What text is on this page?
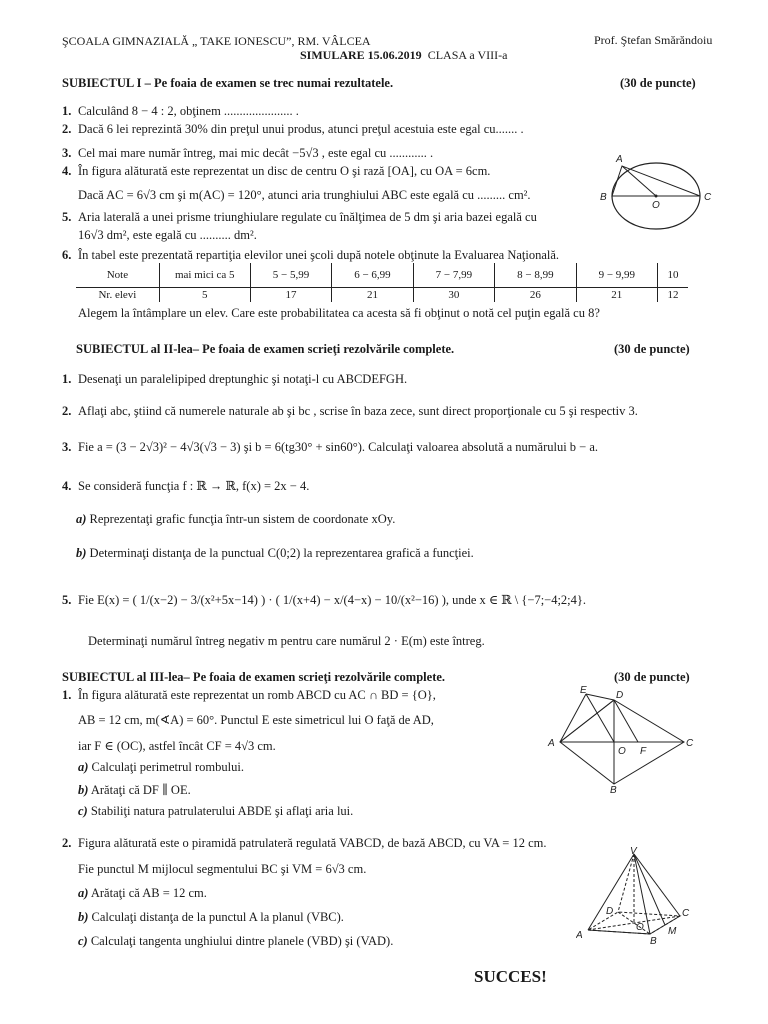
ŞCOALA GIMNAZIALĂ „ TAKE IONESCU”, RM. VÂLCEA	Prof. Ştefan Smărăndoiu
SIMULARE 15.06.2019 CLASA a VIII-a
SUBIECTUL I – Pe foaia de examen se trec numai rezultatele.	(30 de puncte)
1. Calculând 8 − 4 : 2, obţinem ...................... .
2. Dacă 6 lei reprezintă 30% din preţul unui produs, atunci preţul acestuia este egal cu....... .
3. Cel mai mare număr întreg, mai mic decât −5√3 , este egal cu ............ .
4. În figura alăturată este reprezentat un disc de centru O şi rază [OA], cu OA = 6cm.
Dacă AC = 6√3 cm şi m(AC) = 120°, atunci aria trunghiului ABC este egală cu ......... cm².
5. Aria laterală a unei prisme triunghiulare regulate cu înălţimea de 5 dm şi aria bazei egală cu
16√3 dm², este egală cu .......... dm².
6. În tabel este prezentată repartiţia elevilor unei şcoli după notele obţinute la Evaluarea Naţională.
Note	mai mici ca 5	5 − 5,99	6 − 6,99	7 − 7,99	8 − 8,99	9 − 9,99	10
Nr. elevi	5	17	21	30	26	21	12
Alegem la întâmplare un elev. Care este probabilitatea ca acesta să fi obţinut o notă cel puţin egală cu 8?
A
B	C
O
SUBIECTUL al II-lea– Pe foaia de examen scrieţi rezolvările complete.	(30 de puncte)
1. Desenaţi un paralelipiped dreptunghic şi notaţi-l cu ABCDEFGH.
2. Aflaţi abc, ştiind că numerele naturale ab şi bc , scrise în baza zece, sunt direct proporţionale cu 5 şi respectiv 3.
3. Fie a = (3 − 2√3)² − 4√3(√3 − 3) şi b = 6(tg30° + sin60°). Calculaţi valoarea absolută a numărului b − a.
4. Se consideră funcţia f : ℝ → ℝ, f(x) = 2x − 4.
a) Reprezentaţi grafic funcţia într-un sistem de coordonate xOy.
b) Determinaţi distanţa de la punctual C(0;2) la reprezentarea grafică a funcţiei.
5. Fie E(x) = ( 1/(x−2) − 3/(x²+5x−14) ) · ( 1/(x+4) − x/(4−x) − 10/(x²−16) ), unde x ∈ ℝ \ {−7;−4;2;4}.
Determinaţi numărul întreg negativ m pentru care numărul 2 · E(m) este întreg.
SUBIECTUL al III-lea– Pe foaia de examen scrieţi rezolvările complete.	(30 de puncte)
1. În figura alăturată este reprezentat un romb ABCD cu AC ∩ BD = {O},
AB = 12 cm, m(∢A) = 60°. Punctul E este simetricul lui O faţă de AD,
iar F ∈ (OC), astfel încât CF = 4√3 cm.
a) Calculaţi perimetrul rombului.
b) Arătaţi că DF ∥ OE.
c) Stabiliţi natura patrulaterului ABDE şi aflaţi aria lui.
E	D
A	C
O F
B
2. Figura alăturată este o piramidă patrulateră regulată VABCD, de bază ABCD, cu VA = 12 cm.
Fie punctul M mijlocul segmentului BC şi VM = 6√3 cm.
a) Arătaţi că AB = 12 cm.
b) Calculaţi distanţa de la punctul A la planul (VBC).
c) Calculaţi tangenta unghiului dintre planele (VBD) şi (VAD).
V
A
B
C
D
M
O
SUCCES!
